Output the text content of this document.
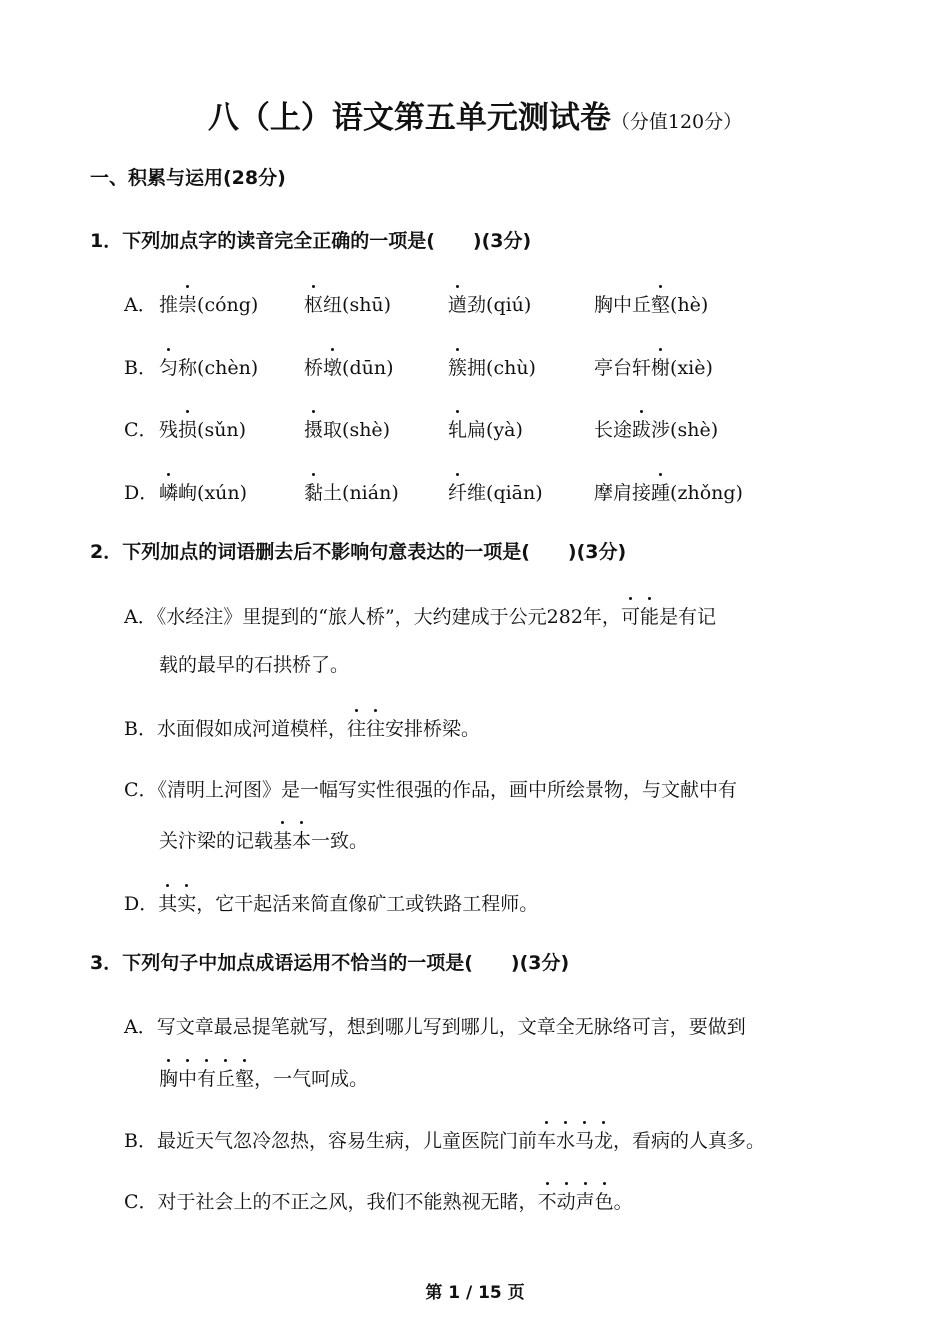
八（上）语文第五单元测试卷（分值120分）
一、积累与运用(28分)
1．下列加点字的读音完全正确的一项是(　　)(3分)
A． 推崇(cóng) 枢纽(shū)	遒劲(qiú)	胸中丘壑(hè)
B． 匀称(chèn) 桥墩(dūn)	簇拥(chù)	亭台轩榭(xiè)
C． 残损(sǔn)	摄取(shè)	轧扁(yà)	长途跋涉(shè)
D． 嶙峋(xún)	黏土(nián)	纤维(qiān)	摩肩接踵(zhǒng)
2．下列加点的词语删去后不影响句意表达的一项是(　　)(3分)
A．《水经注》里提到的“旅人桥”，大约建成于公元282年，可能是有记
载的最早的石拱桥了。
B．水面假如成河道模样，往往安排桥梁。
C．《清明上河图》是一幅写实性很强的作品，画中所绘景物，与文献中有
关汴梁的记载基本一致。
D．其实，它干起活来简直像矿工或铁路工程师。
3．下列句子中加点成语运用不恰当的一项是(　　)(3分)
A．写文章最忌提笔就写，想到哪儿写到哪儿，文章全无脉络可言，要做到
胸中有丘壑，一气呵成。
B．最近天气忽冷忽热，容易生病，儿童医院门前车水马龙，看病的人真多。
C．对于社会上的不正之风，我们不能熟视无睹，不动声色。
第 1 / 15 页
